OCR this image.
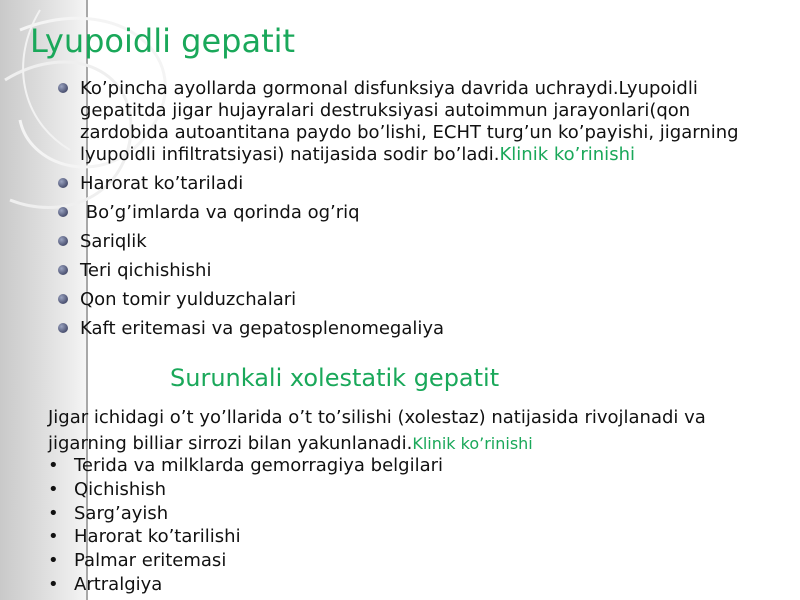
Lyupoidli gepatit
Ko’pincha ayollarda gormonal disfunksiya davrida uchraydi.Lyupoidli gepatitda jigar hujayralari destruksiyasi autoimmun jarayonlari(qon zardobida autoantitana paydo bo’lishi, ECHT turg’un ko’payishi, jigarning lyupoidli infiltratsiyasi) natijasida sodir bo’ladi.Klinik ko’rinishi
Harorat ko’tariladi
Bo’g’imlarda va qorinda og’riq
Sariqlik
Teri qichishishi
Qon tomir yulduzchalari
Kaft eritemasi va gepatosplenomegaliya
Surunkali xolestatik gepatit

Jigar ichidagi o’t yo’llarida o’t to’silishi (xolestaz) natijasida rivojlanadi va jigarning billiar sirrozi bilan yakunlanadi.Klinik ko’rinishi

• Terida va milklarda gemorragiya belgilari
• Qichishish
• Sarg’ayish
• Harorat ko’tarilishi
• Palmar eritemasi
• Artralgiya
